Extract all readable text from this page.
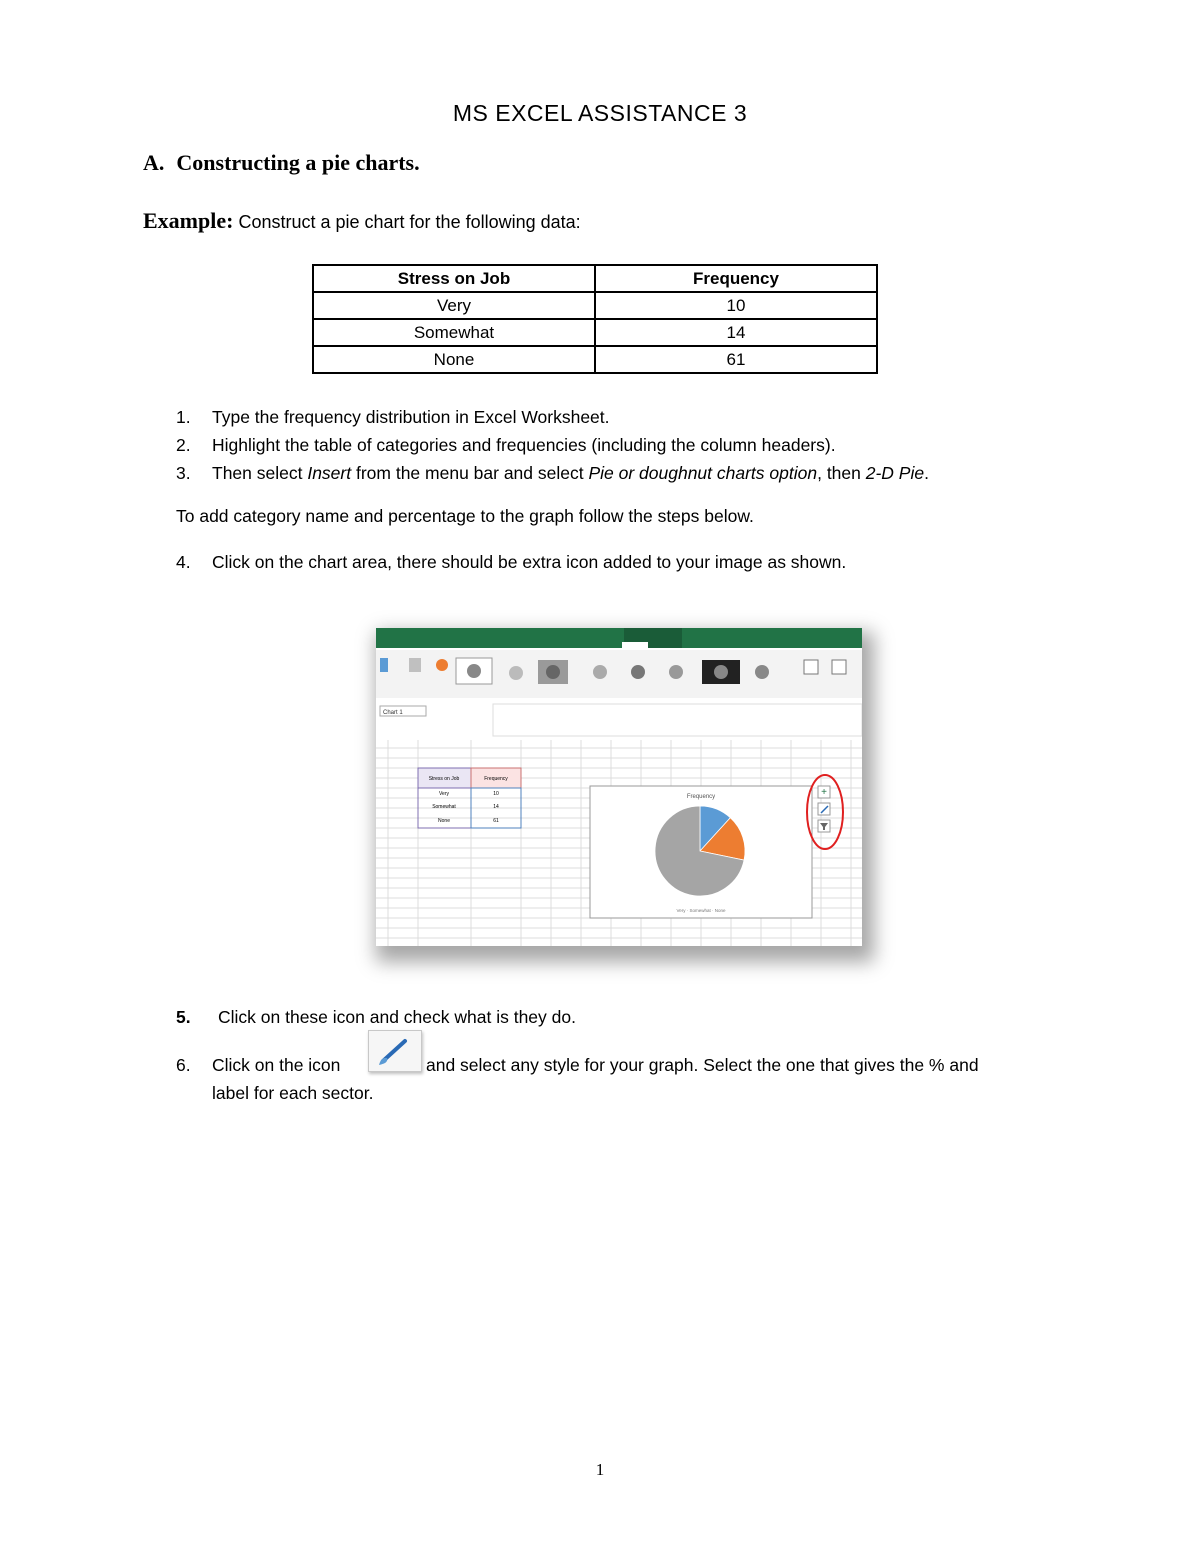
MS EXCEL ASSISTANCE 3
A. Constructing a pie charts.
Example: Construct a pie chart for the following data:
Stress on Job	Frequency
Very	10
Somewhat	14
None	61
1.	Type the frequency distribution in Excel Worksheet.
2.	Highlight the table of categories and frequencies (including the column headers).
3.	Then select Insert from the menu bar and select Pie or doughnut charts option, then 2-D Pie.
To add category name and percentage to the graph follow the steps below.
4.	Click on the chart area, there should be extra icon added to your image as shown.
Chart 1
Stress on Job	Frequency
Very	10
Somewhat	14
None	61
Frequency
Very · Somewhat · None
+
5.	Click on these icon and check what is they do.
6.	Click on the icon	and select any style for your graph. Select the one that gives the % and
label for each sector.
1
